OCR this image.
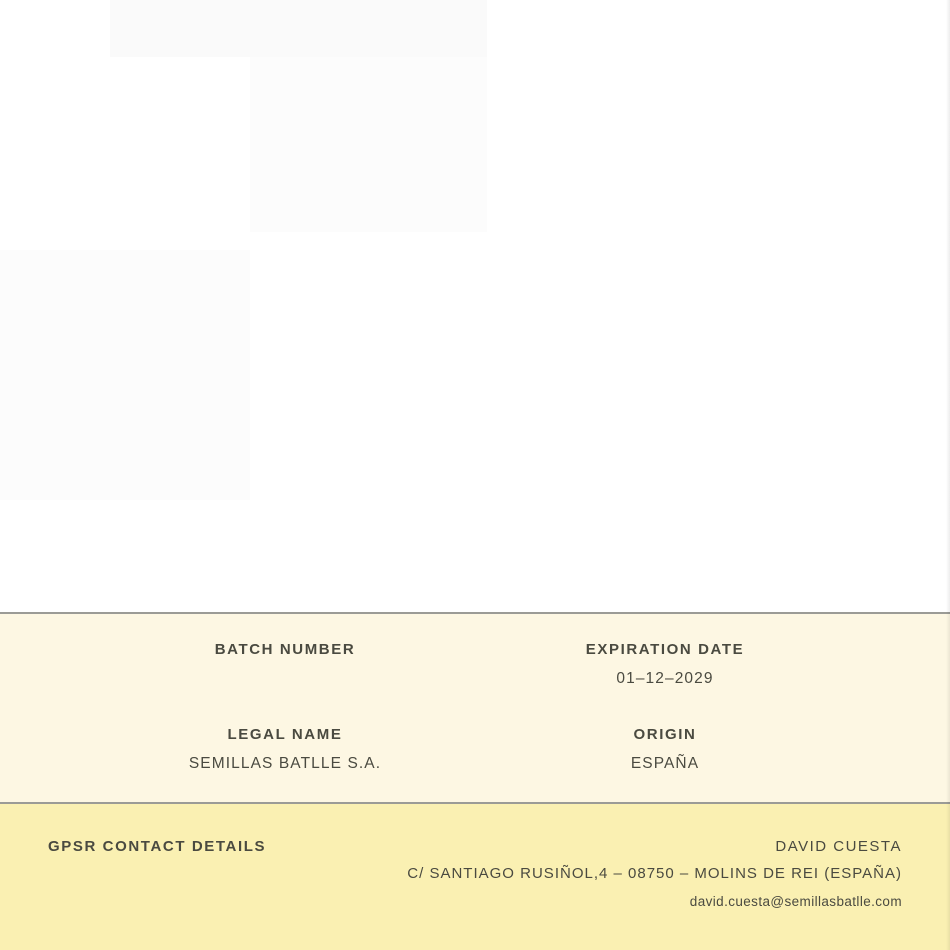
BATCH NUMBER	EXPIRATION DATE
01–12–2029
LEGAL NAME
SEMILLAS BATLLE S.A.
ORIGIN
ESPAÑA
GPSR CONTACT DETAILS	DAVID CUESTA
C/ SANTIAGO RUSIÑOL,4 – 08750 – MOLINS DE REI (ESPAÑA)
david.cuesta@semillasbatlle.com
